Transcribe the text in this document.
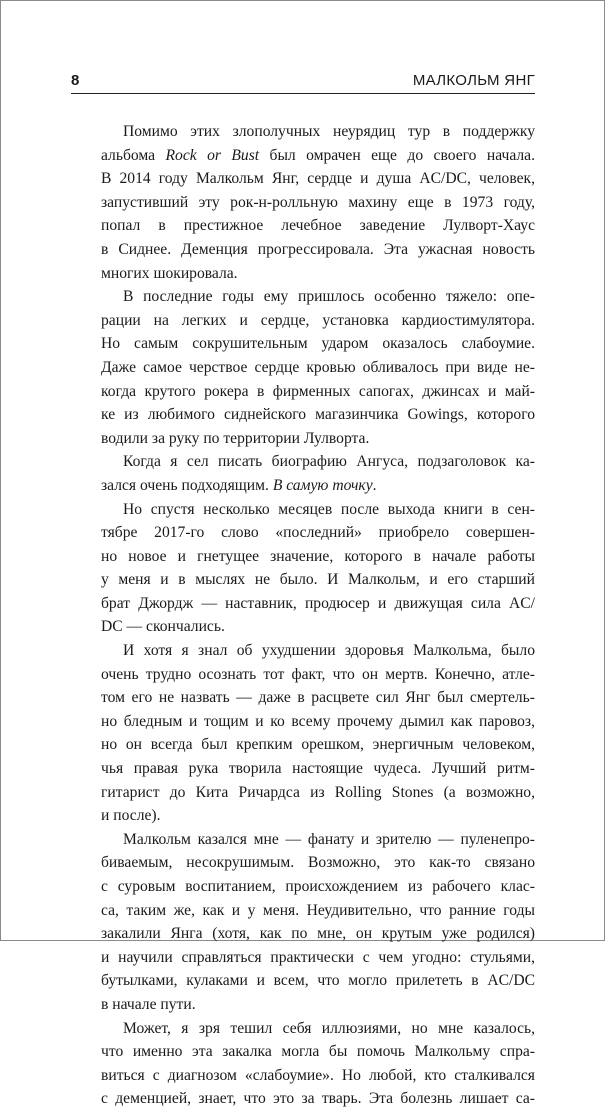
8	МАЛКОЛЬМ ЯНГ

Помимо этих злополучных неурядиц тур в поддержку
альбома Rock or Bust был омрачен еще до своего начала.
В 2014 году Малкольм Янг, сердце и душа AC/DC, человек,
запустивший эту рок-н-ролльную махину еще в 1973 году,
попал в престижное лечебное заведение Лулворт-Хаус
в Сиднее. Деменция прогрессировала. Эта ужасная новость
многих шокировала.

В последние годы ему пришлось особенно тяжело: опе-
рации на легких и сердце, установка кардиостимулятора.
Но самым сокрушительным ударом оказалось слабоумие.
Даже самое черствое сердце кровью обливалось при виде не-
когда крутого рокера в фирменных сапогах, джинсах и май-
ке из любимого сиднейского магазинчика Gowings, которого
водили за руку по территории Лулворта.

Когда я сел писать биографию Ангуса, подзаголовок ка-
зался очень подходящим. В самую точку.

Но спустя несколько месяцев после выхода книги в сен-
тябре 2017-го слово «последний» приобрело совершен-
но новое и гнетущее значение, которого в начале работы
у меня и в мыслях не было. И Малкольм, и его старший
брат Джордж — наставник, продюсер и движущая сила AC/
DC — скончались.

И хотя я знал об ухудшении здоровья Малкольма, было
очень трудно осознать тот факт, что он мертв. Конечно, атле-
том его не назвать — даже в расцвете сил Янг был смертель-
но бледным и тощим и ко всему прочему дымил как паровоз,
но он всегда был крепким орешком, энергичным человеком,
чья правая рука творила настоящие чудеса. Лучший ритм-
гитарист до Кита Ричардса из Rolling Stones (а возможно,
и после).

Малкольм казался мне — фанату и зрителю — пуленепро-
биваемым, несокрушимым. Возможно, это как-то связано
с суровым воспитанием, происхождением из рабочего клас-
са, таким же, как и у меня. Неудивительно, что ранние годы
закалили Янга (хотя, как по мне, он крутым уже родился)
и научили справляться практически с чем угодно: стульями,
бутылками, кулаками и всем, что могло прилететь в AC/DC
в начале пути.

Может, я зря тешил себя иллюзиями, но мне казалось,
что именно эта закалка могла бы помочь Малкольму спра-
виться с диагнозом «слабоумие». Но любой, кто сталкивался
с деменцией, знает, что это за тварь. Эта болезнь лишает са-
